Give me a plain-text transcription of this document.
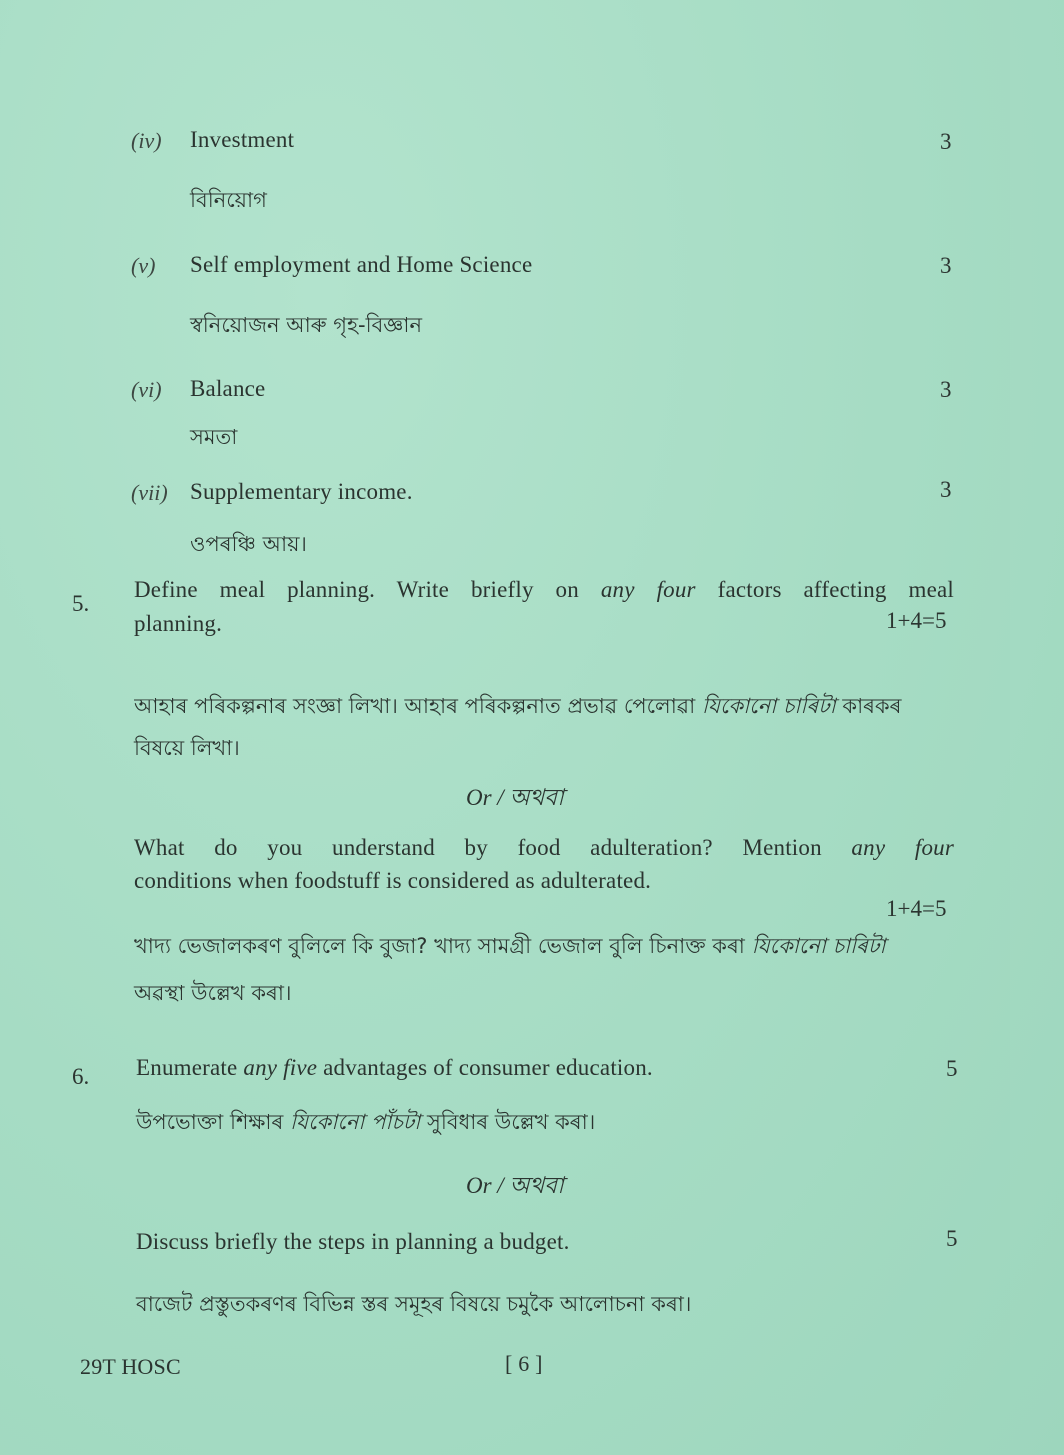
(iv) Investment	3
বিনিয়োগ
(v) Self employment and Home Science	3
স্বনিয়োজন আৰু গৃহ-বিজ্ঞান
(vi) Balance	3
সমতা
(vii) Supplementary income.	3
ওপৰঞ্চি আয়।
5.
Define meal planning. Write briefly on any four factors affecting meal
planning.	1+4=5
আহাৰ পৰিকল্পনাৰ সংজ্ঞা লিখা। আহাৰ পৰিকল্পনাত প্ৰভাৱ পেলোৱা যিকোনো চাৰিটা কাৰকৰ
বিষয়ে লিখা।
Or / অথবা
What do you understand by food adulteration? Mention any four
conditions when foodstuff is considered as adulterated.
1+4=5
খাদ্য ভেজালকৰণ বুলিলে কি বুজা? খাদ্য সামগ্ৰী ভেজাল বুলি চিনাক্ত কৰা যিকোনো চাৰিটা
অৱস্থা উল্লেখ কৰা।
6. Enumerate any five advantages of consumer education.	5
উপভোক্তা শিক্ষাৰ যিকোনো পাঁচটা সুবিধাৰ উল্লেখ কৰা।
Or / অথবা
Discuss briefly the steps in planning a budget.	5
বাজেট প্ৰস্তুতকৰণৰ বিভিন্ন স্তৰ সমূহৰ বিষয়ে চমুকৈ আলোচনা কৰা।
29T HOSC	[ 6 ]
